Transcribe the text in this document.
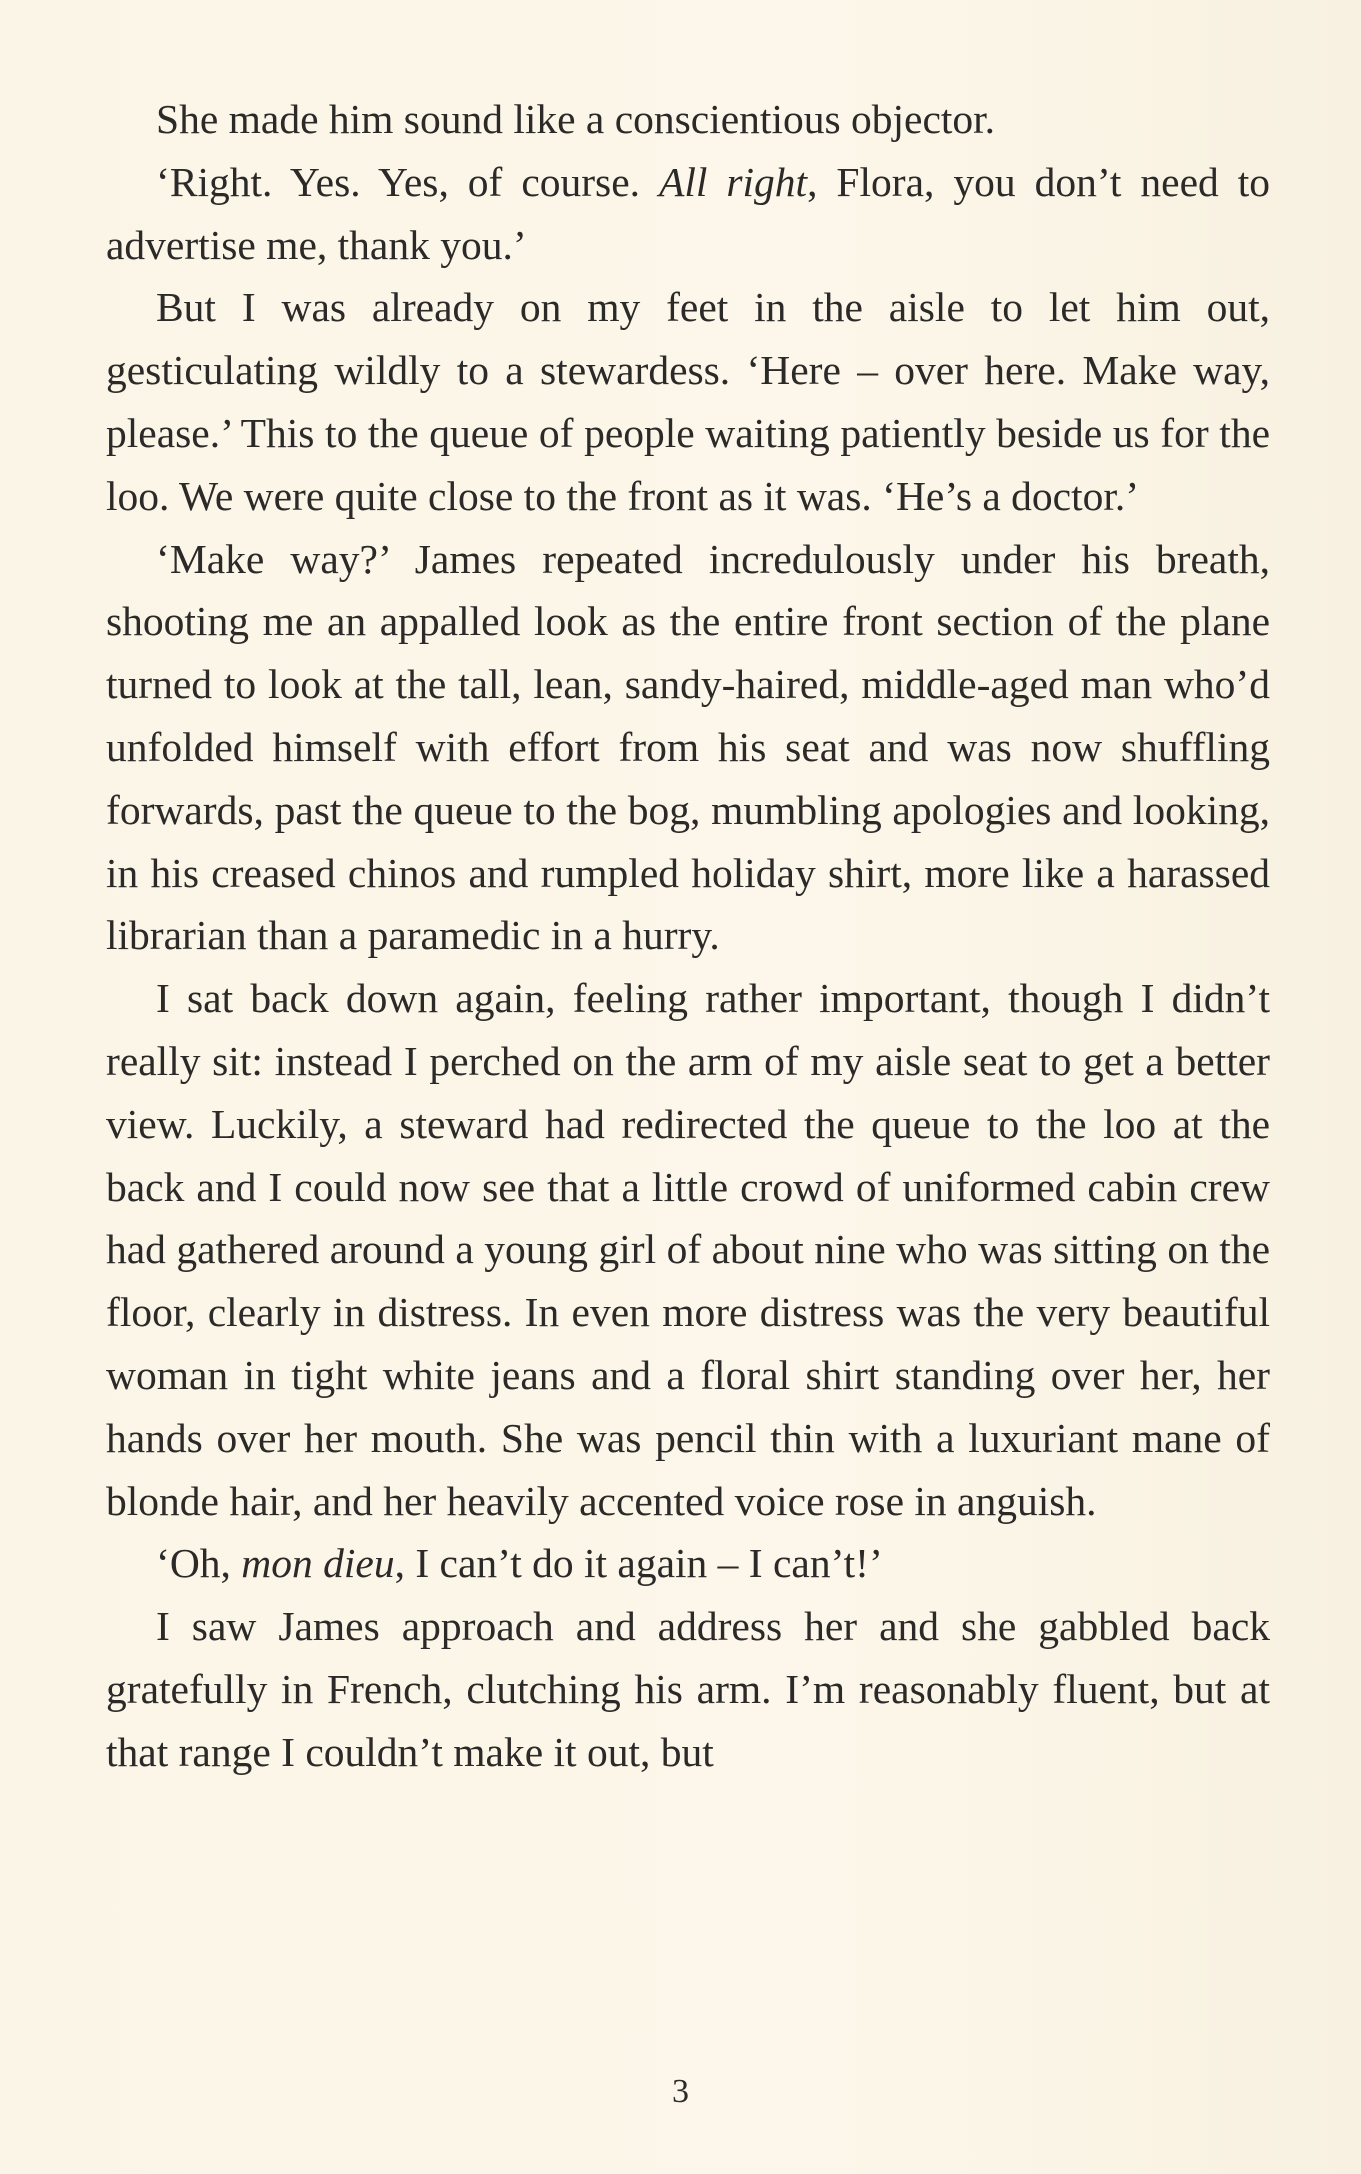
She made him sound like a conscientious objector.

‘Right. Yes. Yes, of course. All right, Flora, you don’t need to advertise me, thank you.’

But I was already on my feet in the aisle to let him out, gesticulating wildly to a stewardess. ‘Here – over here. Make way, please.’ This to the queue of people waiting patiently beside us for the loo. We were quite close to the front as it was. ‘He’s a doctor.’

‘Make way?’ James repeated incredulously under his breath, shooting me an appalled look as the entire front section of the plane turned to look at the tall, lean, sandy-haired, middle-aged man who’d unfolded himself with effort from his seat and was now shuffling forwards, past the queue to the bog, mumbling apologies and looking, in his creased chinos and rumpled holiday shirt, more like a harassed librarian than a paramedic in a hurry.

I sat back down again, feeling rather important, though I didn’t really sit: instead I perched on the arm of my aisle seat to get a better view. Luckily, a steward had redirected the queue to the loo at the back and I could now see that a little crowd of uniformed cabin crew had gathered around a young girl of about nine who was sitting on the floor, clearly in distress. In even more distress was the very beautiful woman in tight white jeans and a floral shirt standing over her, her hands over her mouth. She was pencil thin with a luxuriant mane of blonde hair, and her heavily accented voice rose in anguish.

‘Oh, mon dieu, I can’t do it again – I can’t!’

I saw James approach and address her and she gabbled back gratefully in French, clutching his arm. I’m reasonably fluent, but at that range I couldn’t make it out, but

3
